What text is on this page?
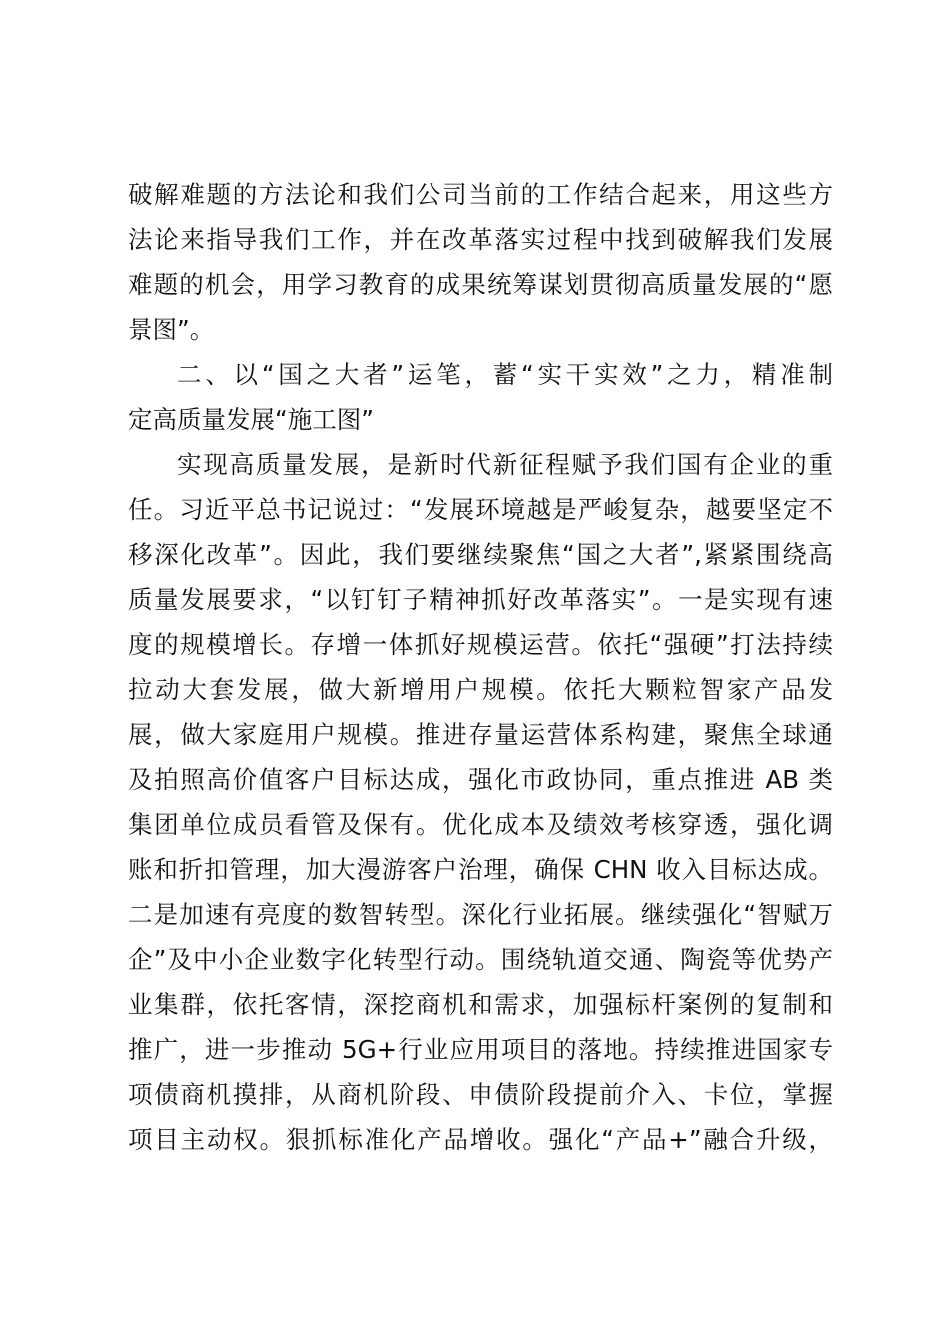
破解难题的方法论和我们公司当前的工作结合起来，用这些方
法论来指导我们工作，并在改革落实过程中找到破解我们发展
难题的机会，用学习教育的成果统筹谋划贯彻高质量发展的“愿
景图”。
二、以“国之大者”运笔，蓄“实干实效”之力，精准制
定高质量发展“施工图”
实现高质量发展，是新时代新征程赋予我们国有企业的重
任。习近平总书记说过：“发展环境越是严峻复杂，越要坚定不
移深化改革”。因此，我们要继续聚焦“国之大者”,紧紧围绕高
质量发展要求，“以钉钉子精神抓好改革落实”。一是实现有速
度的规模增长。存增一体抓好规模运营。依托“强硬”打法持续
拉动大套发展，做大新增用户规模。依托大颗粒智家产品发
展，做大家庭用户规模。推进存量运营体系构建，聚焦全球通
及拍照高价值客户目标达成，强化市政协同，重点推进 AB 类
集团单位成员看管及保有。优化成本及绩效考核穿透，强化调
账和折扣管理，加大漫游客户治理，确保 CHN 收入目标达成。
二是加速有亮度的数智转型。深化行业拓展。继续强化“智赋万
企”及中小企业数字化转型行动。围绕轨道交通、陶瓷等优势产
业集群，依托客情，深挖商机和需求，加强标杆案例的复制和
推广，进一步推动 5G+行业应用项目的落地。持续推进国家专
项债商机摸排，从商机阶段、申债阶段提前介入、卡位，掌握
项目主动权。狠抓标准化产品增收。强化“产品+”融合升级，
